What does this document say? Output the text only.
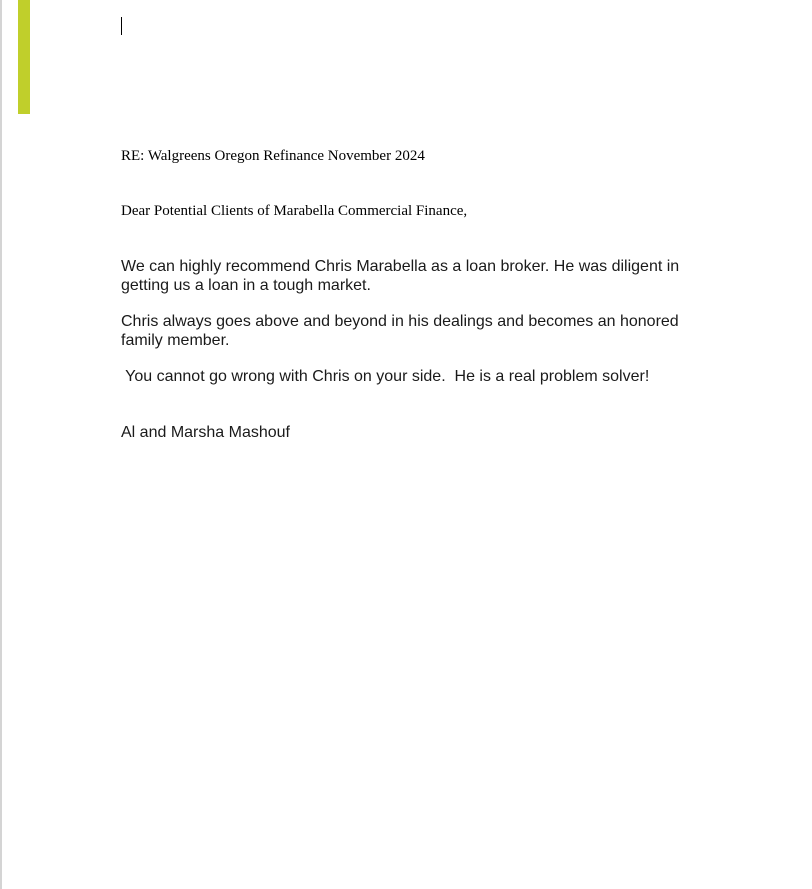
RE: Walgreens Oregon Refinance November 2024
Dear Potential Clients of Marabella Commercial Finance,
We can highly recommend Chris Marabella as a loan broker. He was diligent in getting us a loan in a tough market.
Chris always goes above and beyond in his dealings and becomes an honored family member.
You cannot go wrong with Chris on your side.  He is a real problem solver!
Al and Marsha Mashouf
